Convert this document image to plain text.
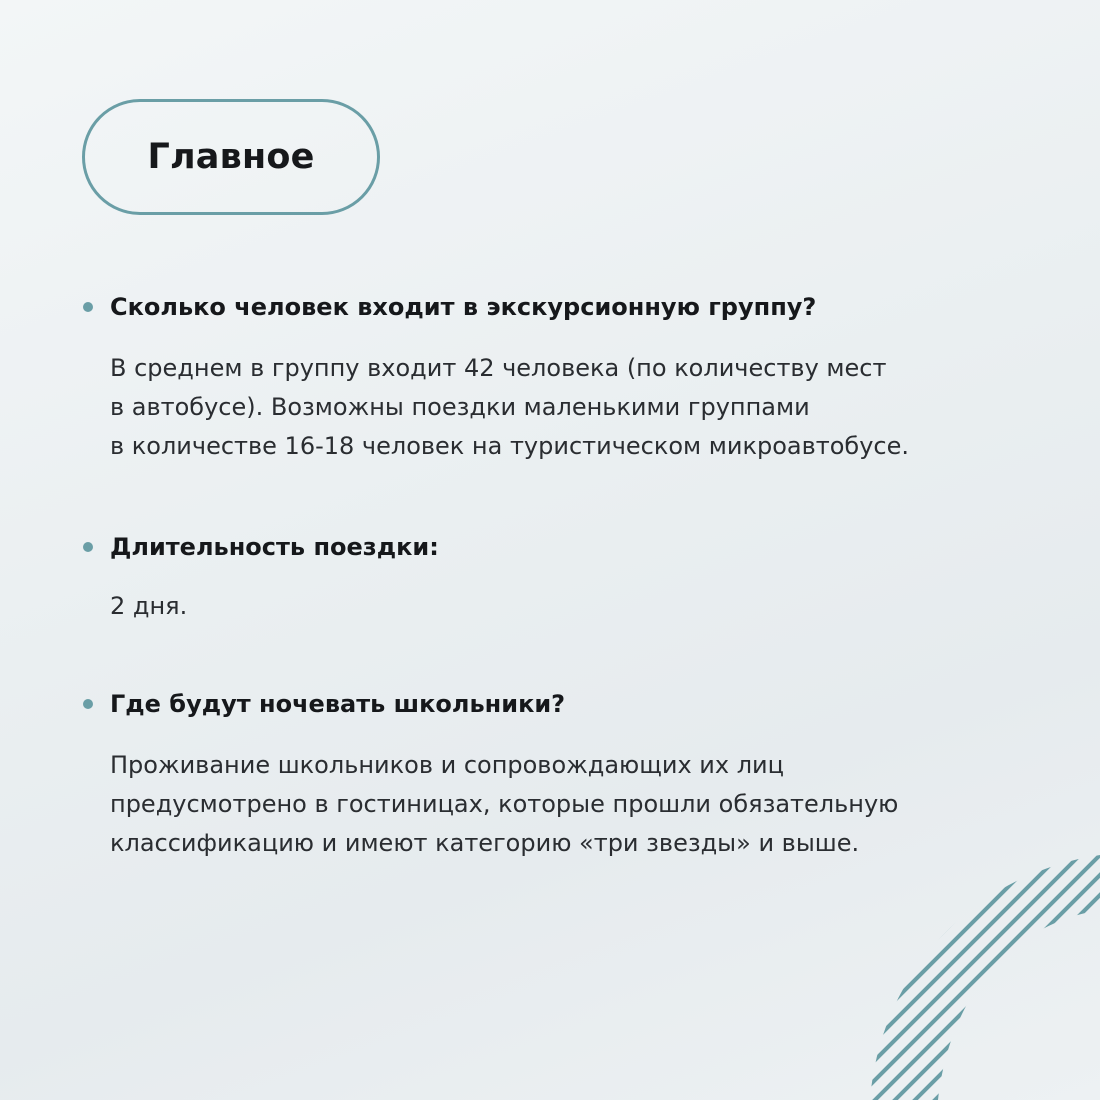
Главное
Сколько человек входит в экскурсионную группу?
В среднем в группу входит 42 человека (по количеству мест
в автобусе). Возможны поездки маленькими группами
в количестве 16-18 человек на туристическом микроавтобусе.
Длительность поездки:
2 дня.
Где будут ночевать школьники?
Проживание школьников и сопровождающих их лиц
предусмотрено в гостиницах, которые прошли обязательную
классификацию и имеют категорию «три звезды» и выше.
